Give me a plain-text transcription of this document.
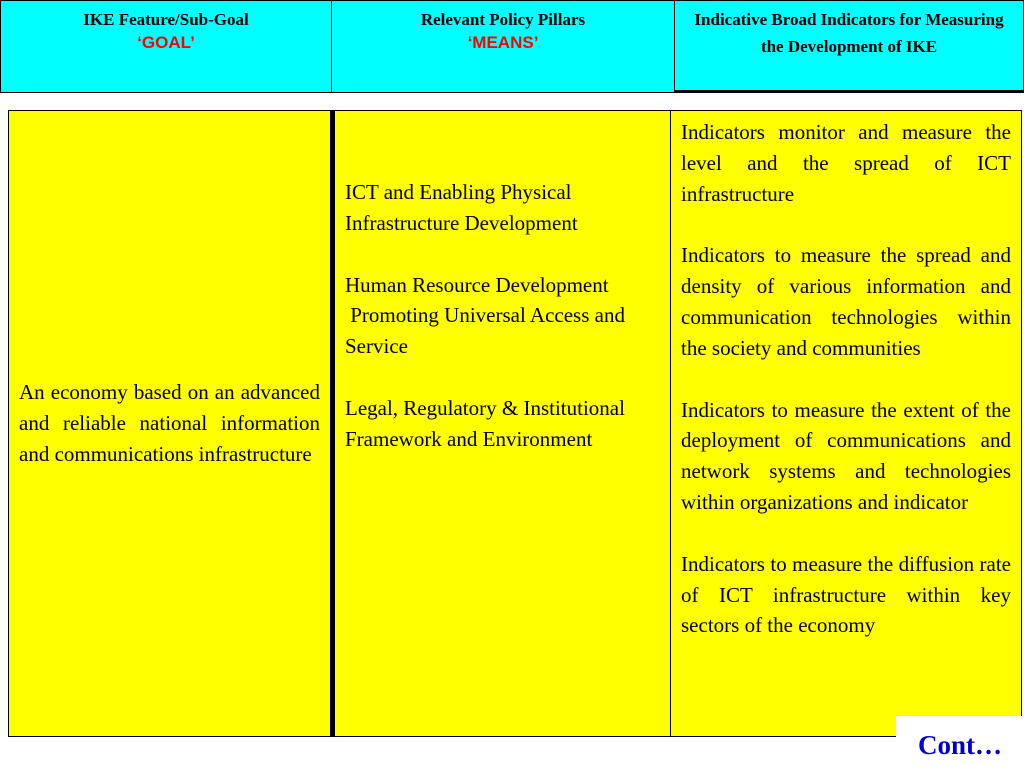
IKE Feature/Sub-Goal
‘GOAL’
Relevant Policy Pillars
‘MEANS’
Indicative Broad Indicators for Measuring the Development of IKE

An economy based on an advanced and reliable national information and communications infrastructure

ICT and Enabling Physical Infrastructure Development

Human Resource Development

Promoting Universal Access and Service

Legal, Regulatory & Institutional Framework and Environment

Indicators monitor and measure the level and the spread of ICT infrastructure

Indicators to measure the spread and density of various information and communication technologies within the society and communities

Indicators to measure the extent of the deployment of communications and network systems and technologies within organizations and indicator

Indicators to measure the diffusion rate of ICT infrastructure within key sectors of the economy

Cont…
